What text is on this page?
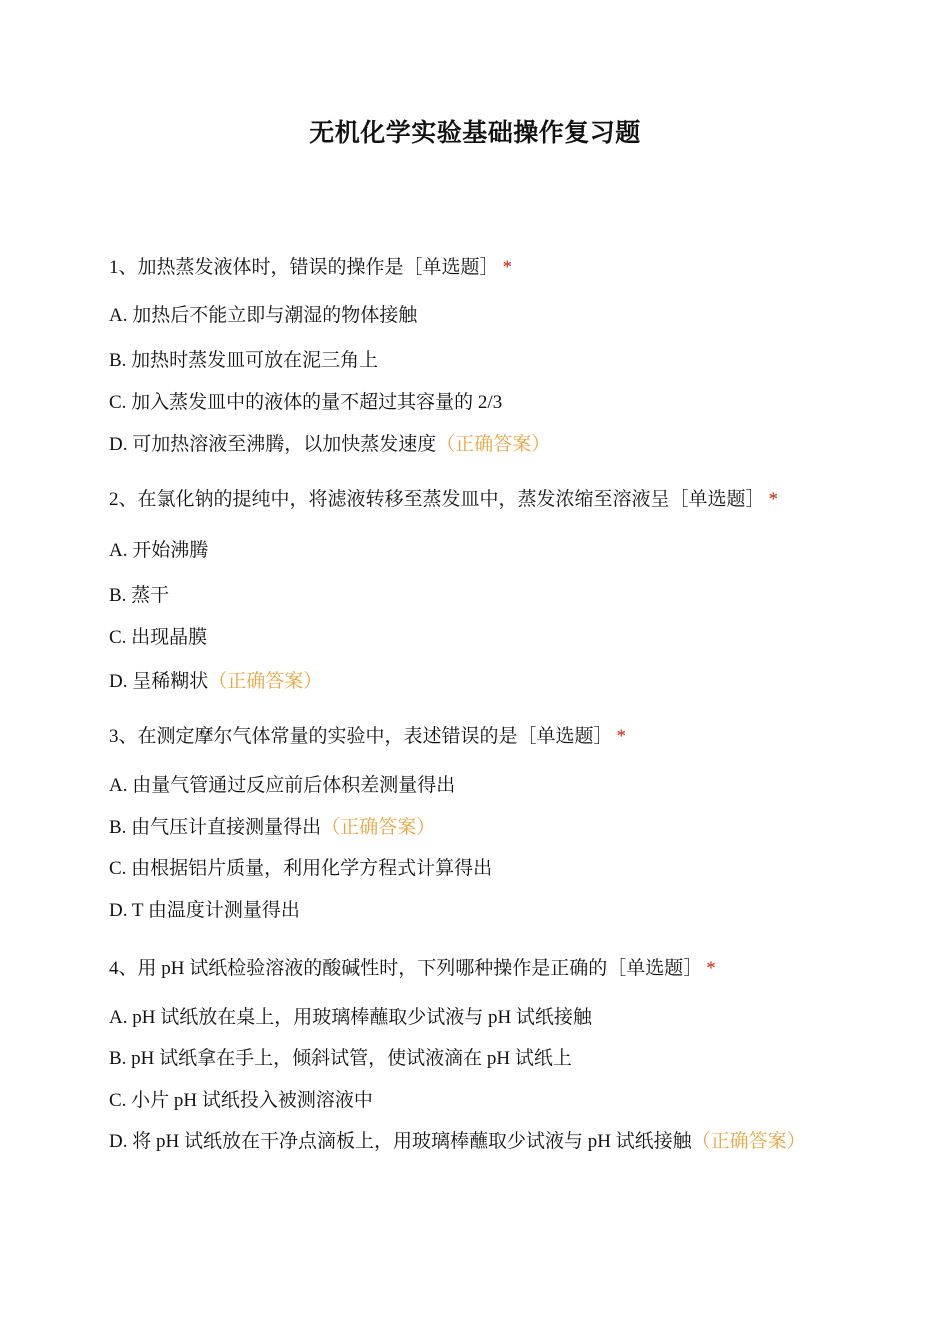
无机化学实验基础操作复习题
1、加热蒸发液体时，错误的操作是［单选题］ *
A. 加热后不能立即与潮湿的物体接触
B. 加热时蒸发皿可放在泥三角上
C. 加入蒸发皿中的液体的量不超过其容量的 2/3
D. 可加热溶液至沸腾，以加快蒸发速度（正确答案）
2、在氯化钠的提纯中，将滤液转移至蒸发皿中，蒸发浓缩至溶液呈［单选题］ *
A. 开始沸腾
B. 蒸干
C. 出现晶膜
D. 呈稀糊状（正确答案）
3、在测定摩尔气体常量的实验中，表述错误的是［单选题］ *
A. 由量气管通过反应前后体积差测量得出
B. 由气压计直接测量得出（正确答案）
C. 由根据铝片质量，利用化学方程式计算得出
D. T 由温度计测量得出
4、用 pH 试纸检验溶液的酸碱性时，下列哪种操作是正确的［单选题］ *
A. pH 试纸放在桌上，用玻璃棒蘸取少试液与 pH 试纸接触
B. pH 试纸拿在手上，倾斜试管，使试液滴在 pH 试纸上
C. 小片 pH 试纸投入被测溶液中
D. 将 pH 试纸放在干净点滴板上，用玻璃棒蘸取少试液与 pH 试纸接触（正确答案）
